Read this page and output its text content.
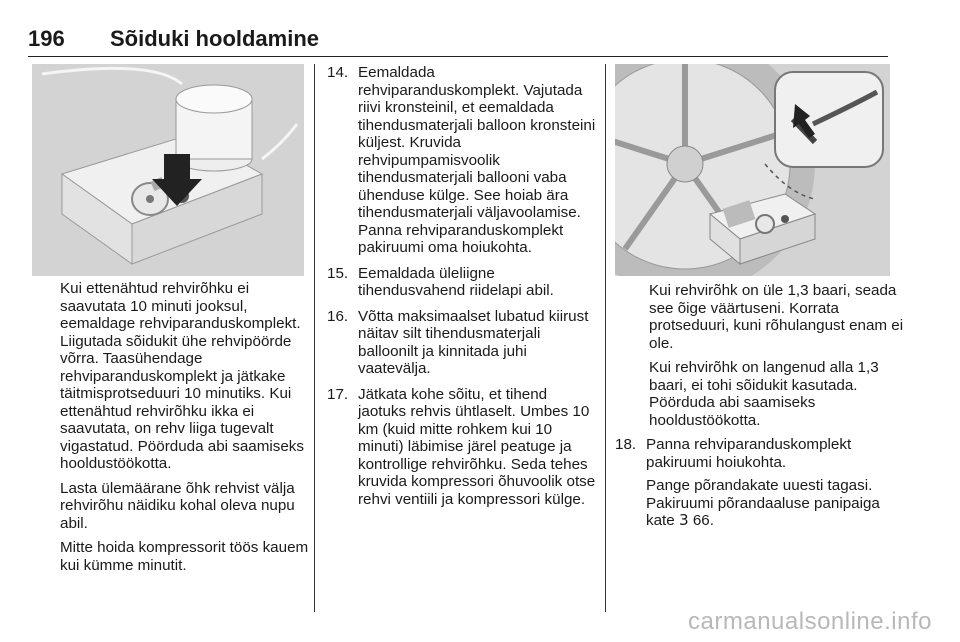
196 Sõiduki hooldamine

Kui ettenähtud rehvirõhku ei saavutata 10 minuti jooksul, eemaldage rehviparanduskomplekt. Liigutada sõidukit ühe rehvipöörde võrra. Taasühendage rehviparanduskomplekt ja jätkake täitmisprotseduuri 10 minutiks. Kui ettenähtud rehvirõhku ikka ei saavutata, on rehv liiga tugevalt vigastatud. Pöörduda abi saamiseks hooldustöökotta.

Lasta ülemäärane õhk rehvist välja rehvirõhu näidiku kohal oleva nupu abil.

Mitte hoida kompressorit töös kauem kui kümme minutit.

14. Eemaldada rehviparanduskomplekt. Vajutada riivi kronsteinil, et eemaldada tihendusmaterjali balloon kronsteini küljest. Kruvida rehvipumpamisvoolik tihendusmaterjali ballooni vaba ühenduse külge. See hoiab ära tihendusmaterjali väljavoolamise. Panna rehviparanduskomplekt pakiruumi oma hoiukohta.
15. Eemaldada üleliigne tihendusvahend riidelapi abil.
16. Võtta maksimaalset lubatud kiirust näitav silt tihendusmaterjali balloonilt ja kinnitada juhi vaatevälja.
17. Jätkata kohe sõitu, et tihend jaotuks rehvis ühtlaselt. Umbes 10 km (kuid mitte rohkem kui 10 minuti) läbimise järel peatuge ja kontrollige rehvirõhku. Seda tehes kruvida kompressori õhuvoolik otse rehvi ventiili ja kompressori külge.

Kui rehvirõhk on üle 1,3 baari, seada see õige väärtuseni. Korrata protseduuri, kuni rõhulangust enam ei ole.

Kui rehvirõhk on langenud alla 1,3 baari, ei tohi sõidukit kasutada. Pöörduda abi saamiseks hooldustöökotta.

18. Panna rehviparanduskomplekt pakiruumi hoiukohta.

Pange põrandakate uuesti tagasi. Pakiruumi põrandaaluse panipaiga kate 3 66.

carmanualsonline.info
